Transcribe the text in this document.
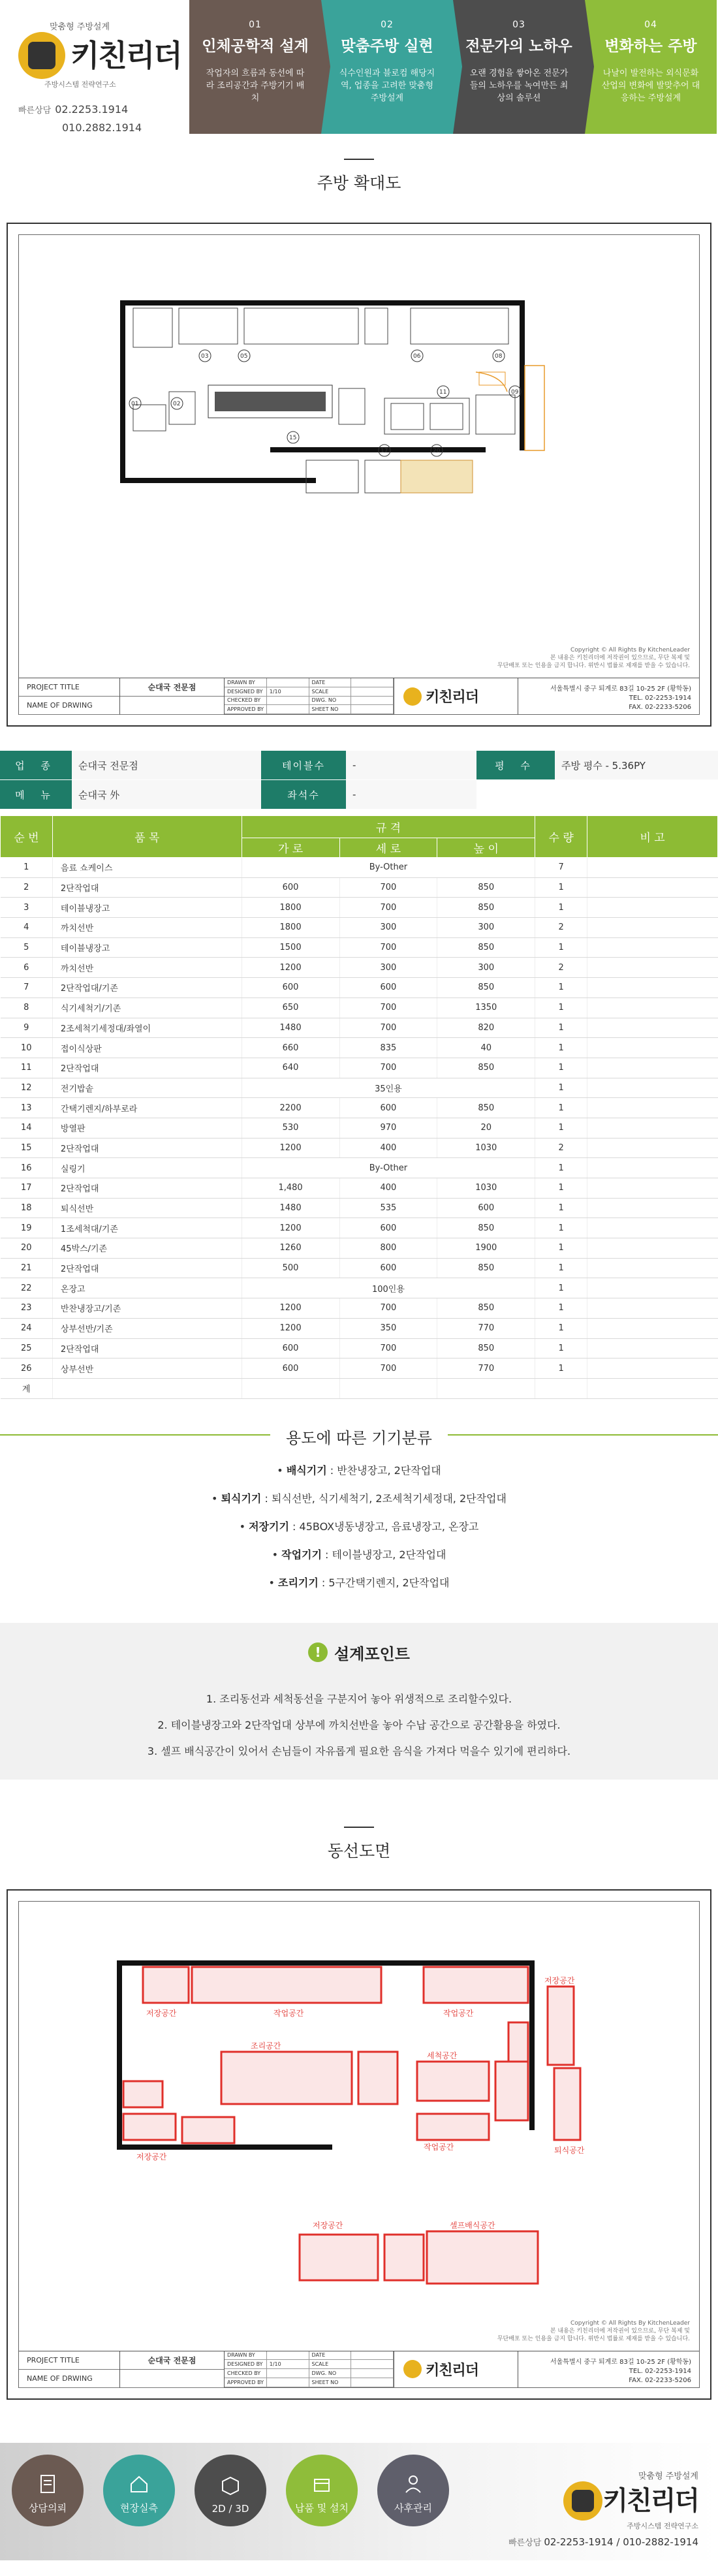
맞춤형 주방설계
키친리더
주방시스템 전략연구소
빠른상담 02.2253.1914
010.2882.1914
01
인체공학적 설계
작업자의 흐름과 동선에 따라 조리공간과 주방기기 배치
02
맞춤주방 실현
식수인원과 블로컴 해당지역, 업종을 고려한 맞춤형 주방설계
03
전문가의 노하우
오랜 경험을 쌓아온 전문가들의 노하우를 녹여만든 최상의 솔루션
04
변화하는 주방
나날이 발전하는 외식문화 산업의 변화에 발맞추어 대응하는 주방설계
주방 확대도
01	02
03	05	06	08
09
11
15
17	20
Copyright © All Rights By KitchenLeader
본 내용은 키친리더에 저작권이 있으므로, 무단 복제 및
무단배포 또는 인용을 금지 합니다. 위반시 법률로 제재를 받을 수 있습니다.
PROJECT TITLE
NAME OF DRWING
순대국 전문점
DRAWN BY	DATE
DESIGNED BY	1/10	SCALE
CHECKED BY	DWG. NO
APPROVED BY	SHEET NO
키친리더
서울특별시 중구 퇴계로 83길 10-25 2F (황학동)
TEL. 02-2253-1914
FAX. 02-2233-5206
업 종	순대국 전문점	테이블수	-	평 수	주방 평수 - 5.36PY
메 뉴	순대국 外	좌석수	-
순 번	품 목	규 격			수 량	비 고
		가 로	세 로	높 이		
1	음료 쇼케이스	By-Other			7	
2	2단작업대	600	700	850	1	
3	테이블냉장고	1800	700	850	1	
4	까치선반	1800	300	300	2	
5	테이블냉장고	1500	700	850	1	
6	까치선반	1200	300	300	2	
7	2단작업대/기존	600	600	850	1	
8	식기세척기/기존	650	700	1350	1	
9	2조세척기세정대/좌열이	1480	700	820	1	
10	접이식상판	660	835	40	1	
11	2단작업대	640	700	850	1	
12	전기밥솥	35인용			1	
13	간택기렌지/하부로라	2200	600	850	1	
14	방열판	530	970	20	1	
15	2단작업대	1200	400	1030	2	
16	실링기	By-Other			1	
17	2단작업대	1,480	400	1030	1	
18	퇴식선반	1480	535	600	1	
19	1조세척대/기존	1200	600	850	1	
20	45박스/기존	1260	800	1900	1	
21	2단작업대	500	600	850	1	
22	온장고	100인용			1	
23	반찬냉장고/기존	1200	700	850	1	
24	상부선반/기존	1200	350	770	1	
25	2단작업대	600	700	850	1	
26	상부선반	600	700	770	1	
계						
용도에 따른 기기분류
• 배식기기 : 반찬냉장고, 2단작업대
• 퇴식기기 : 퇴식선반, 식기세척기, 2조세척기세정대, 2단작업대
• 저장기기 : 45BOX냉동냉장고, 음료냉장고, 온장고
• 작업기기 : 테이블냉장고, 2단작업대
• 조리기기 : 5구간택기렌지, 2단작업대
! 설계포인트
1. 조리동선과 세척동선을 구분지어 놓아 위생적으로 조리할수있다.
2. 테이블냉장고와 2단작업대 상부에 까치선반을 놓아 수납 공간으로 공간활용을 하였다.
3. 셀프 배식공간이 있어서 손님들이 자유롭게 필요한 음식을 가져다 먹을수 있기에 편리하다.
동선도면
저장공간	작업공간	작업공간
저장공간
조리공간
세척공간
저장공간
작업공간
저장공간	셀프배식공간
퇴식공간
Copyright © All Rights By KitchenLeader
본 내용은 키친리더에 저작권이 있으므로, 무단 복제 및
무단배포 또는 인용을 금지 합니다. 위반시 법률로 제재를 받을 수 있습니다.
PROJECT TITLE
NAME OF DRWING
순대국 전문점
DRAWN BY	DATE
DESIGNED BY	1/10	SCALE
CHECKED BY	DWG. NO
APPROVED BY	SHEET NO
키친리더
서울특별시 중구 퇴계로 83길 10-25 2F (황학동)
TEL. 02-2253-1914
FAX. 02-2233-5206
상담의뢰	현장실측	2D / 3D	납품 및 설치	사후관리
맞춤형 주방설계
키친리더
주방시스템 전략연구소
빠른상담 02-2253-1914 / 010-2882-1914
